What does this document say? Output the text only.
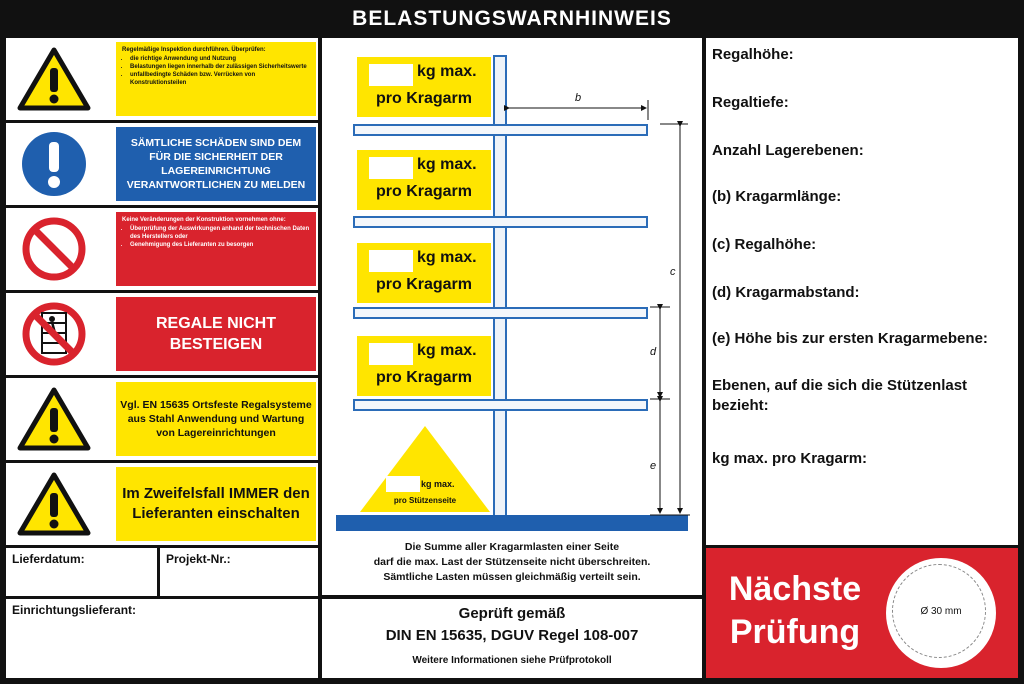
BELASTUNGSWARNHINWEIS
Regelmäßige Inspektion durchführen. Überprüfen:
• die richtige Anwendung und Nutzung
• Belastungen liegen innerhalb der zulässigen Sicherheitswerte
• unfallbedingte Schäden bzw. Verrücken von Konstruktionsteilen
SÄMTLICHE SCHÄDEN SIND DEM FÜR DIE SICHERHEIT DER LAGEREINRICHTUNG VERANTWORTLICHEN ZU MELDEN
Keine Veränderungen der Konstruktion vornehmen ohne:
• Überprüfung der Auswirkungen anhand der technischen Daten des Herstellers oder
• Genehmigung des Lieferanten zu besorgen
REGALE NICHT BESTEIGEN
Vgl. EN 15635 Ortsfeste Regalsysteme aus Stahl Anwendung und Wartung von Lagereinrichtungen
Im Zweifelsfall IMMER den Lieferanten einschalten
Lieferdatum:	Projekt-Nr.:
Einrichtungslieferant:
kg max.
pro Kragarm
kg max.
pro Kragarm
kg max.
pro Kragarm
kg max.
pro Kragarm
kg max.
pro Stützenseite
b
c
d
e
Die Summe aller Kragarmlasten einer Seite
darf die max. Last der Stützenseite nicht überschreiten.
Sämtliche Lasten müssen gleichmäßig verteilt sein.
Geprüft gemäß
DIN EN 15635, DGUV Regel 108-007
Weitere Informationen siehe Prüfprotokoll
Regalhöhe:
Regaltiefe:
Anzahl Lagerebenen:
(b) Kragarmlänge:
(c) Regalhöhe:
(d) Kragarmabstand:
(e) Höhe bis zur ersten Kragarmebene:
Ebenen, auf die sich die Stützenlast bezieht:
kg max. pro Kragarm:
Nächste
Prüfung
Ø 30 mm
